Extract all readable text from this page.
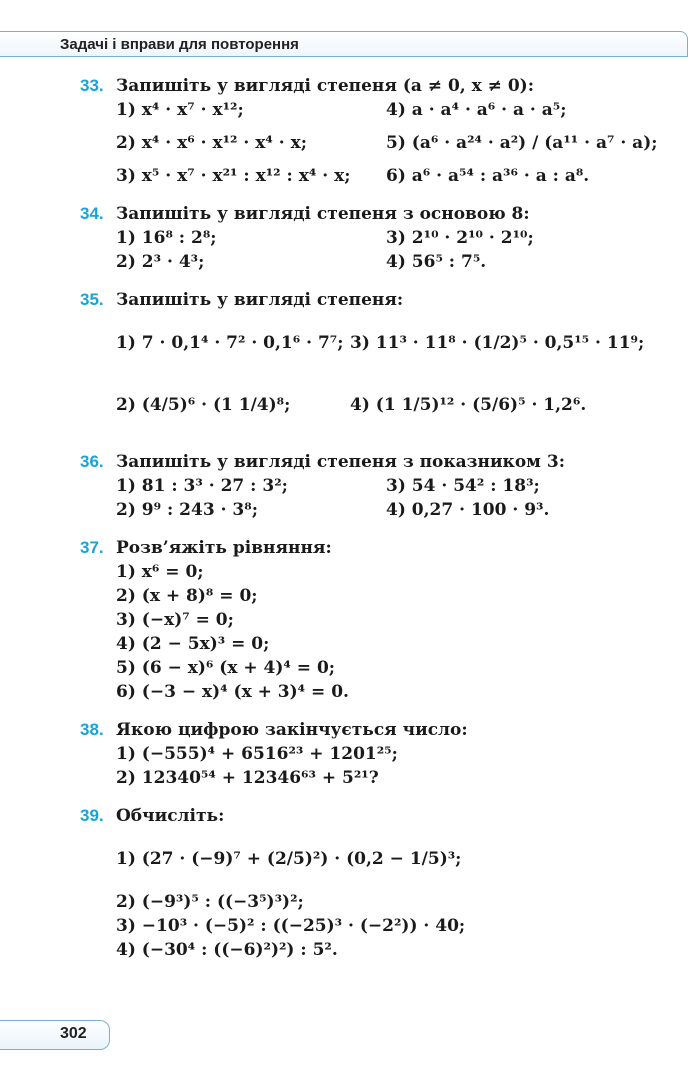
Задачі і вправи для повторення
33. Запишіть у вигляді степеня (a ≠ 0, x ≠ 0):
1) x⁴ · x⁷ · x¹²;	4) a · a⁴ · a⁶ · a · a⁵;
2) x⁴ · x⁶ · x¹² · x⁴ · x;	5) (a⁶ · a²⁴ · a²) / (a¹¹ · a⁷ · a);
3) x⁵ · x⁷ · x²¹ : x¹² : x⁴ · x; 6) a⁶ · a⁵⁴ : a³⁶ · a : a⁸.
34. Запишіть у вигляді степеня з основою 8:
1) 16⁸ : 2⁸;	3) 2¹⁰ · 2¹⁰ · 2¹⁰;
2) 2³ · 4³;	4) 56⁵ : 7⁵.
35. Запишіть у вигляді степеня:
1) 7 · 0,1⁴ · 7² · 0,1⁶ · 7⁷; 3) 11³ · 11⁸ · (1/2)⁵ · 0,5¹⁵ · 11⁹;
2) (4/5)⁶ · (1 1/4)⁸;	4) (1 1/5)¹² · (5/6)⁵ · 1,2⁶.
36. Запишіть у вигляді степеня з показником 3:
1) 81 : 3³ · 27 : 3²;	3) 54 · 54² : 18³;
2) 9⁹ : 243 · 3⁸;	4) 0,27 · 100 · 9³.
37. Розв’яжіть рівняння:
1) x⁶ = 0;
2) (x + 8)⁸ = 0;
3) (−x)⁷ = 0;
4) (2 − 5x)³ = 0;
5) (6 − x)⁶ (x + 4)⁴ = 0;
6) (−3 − x)⁴ (x + 3)⁴ = 0.
38. Якою цифрою закінчується число:
1) (−555)⁴ + 6516²³ + 1201²⁵;
2) 12340⁵⁴ + 12346⁶³ + 5²¹?
39. Обчисліть:
1) (27 · (−9)⁷ + (2/5)²) · (0,2 − 1/5)³;
2) (−9³)⁵ : ((−3⁵)³)²;
3) −10³ · (−5)² : ((−25)³ · (−2²)) · 40;
4) (−30⁴ : ((−6)²)²) : 5².
302
